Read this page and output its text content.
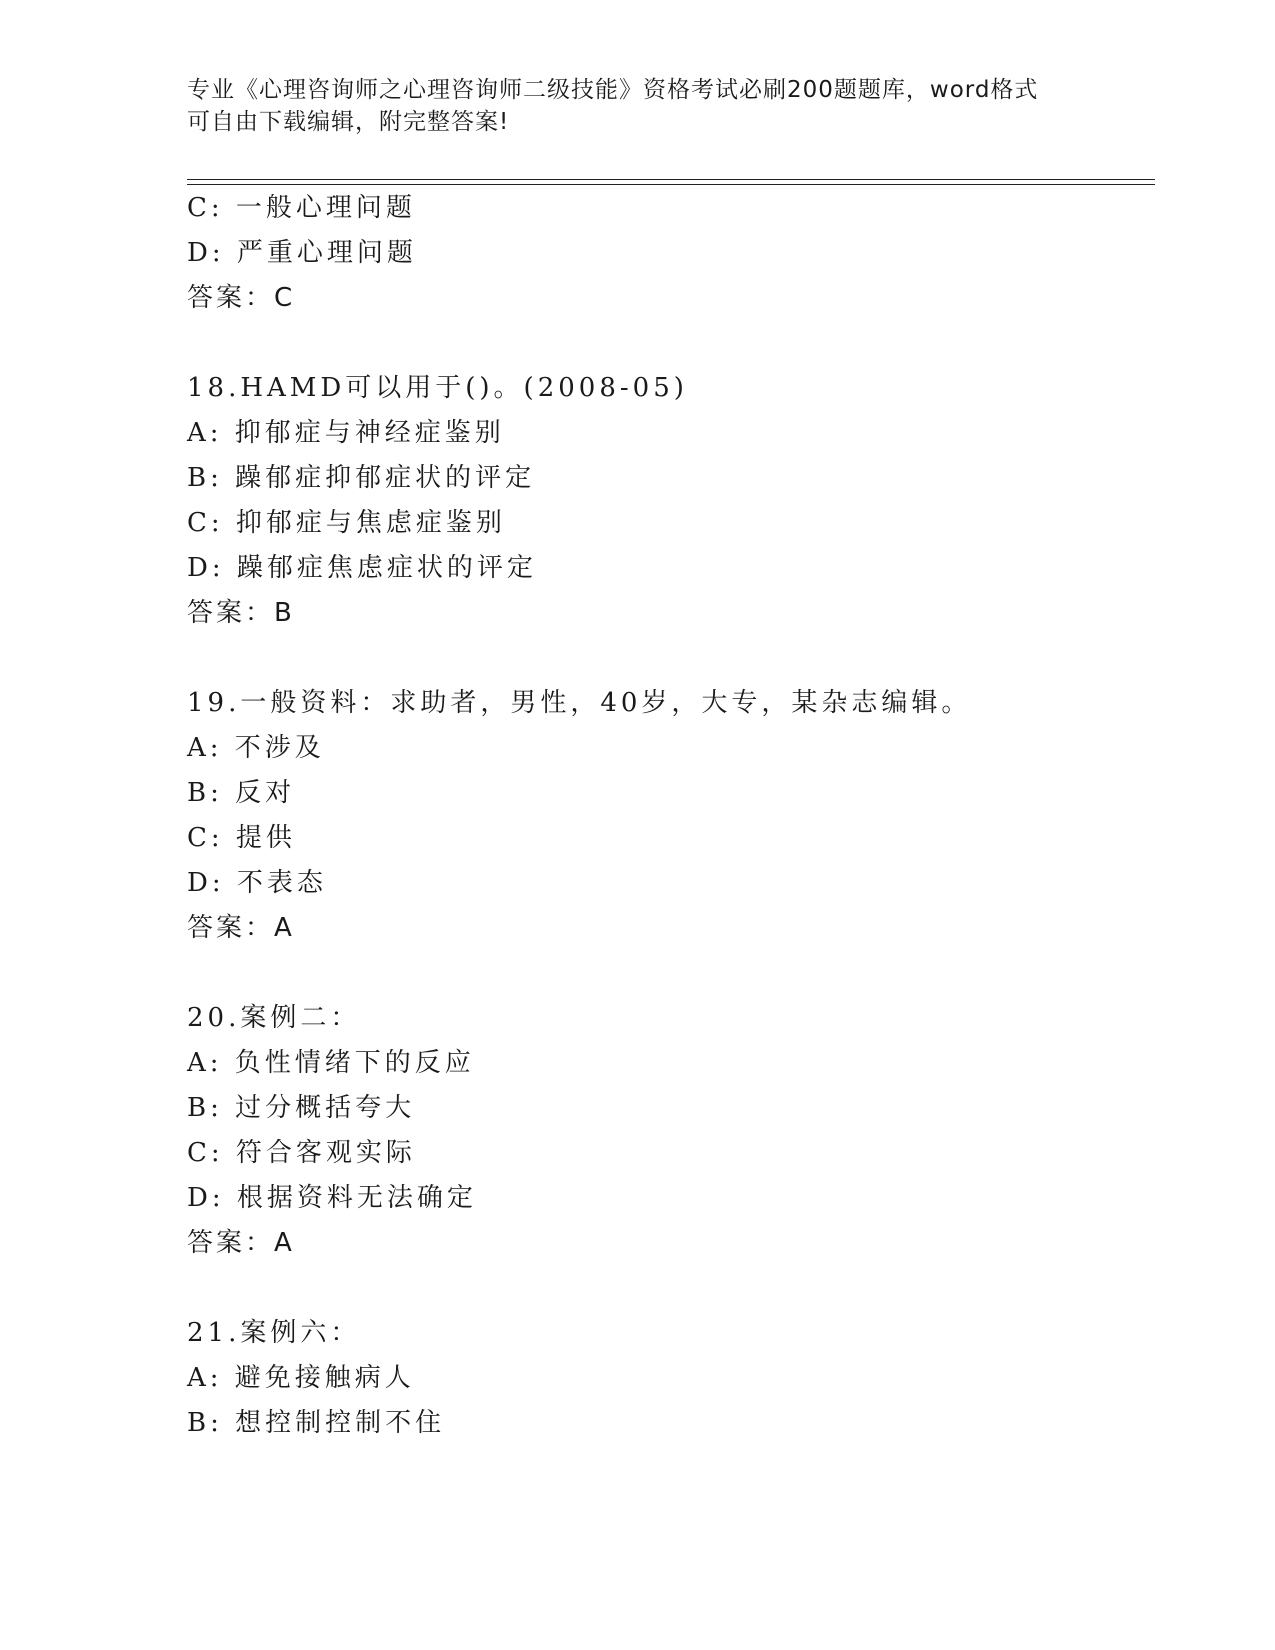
专业《心理咨询师之心理咨询师二级技能》资格考试必刷200题题库，word格式
可自由下载编辑，附完整答案!
C: 一般心理问题
D: 严重心理问题
答案：C
18.HAMD可以用于()。(2008-05)
A: 抑郁症与神经症鉴别
B: 躁郁症抑郁症状的评定
C: 抑郁症与焦虑症鉴别
D: 躁郁症焦虑症状的评定
答案：B
19.一般资料：求助者，男性，40岁，大专，某杂志编辑。
A: 不涉及
B: 反对
C: 提供
D: 不表态
答案：A
20.案例二：
A: 负性情绪下的反应
B: 过分概括夸大
C: 符合客观实际
D: 根据资料无法确定
答案：A
21.案例六：
A: 避免接触病人
B: 想控制控制不住
